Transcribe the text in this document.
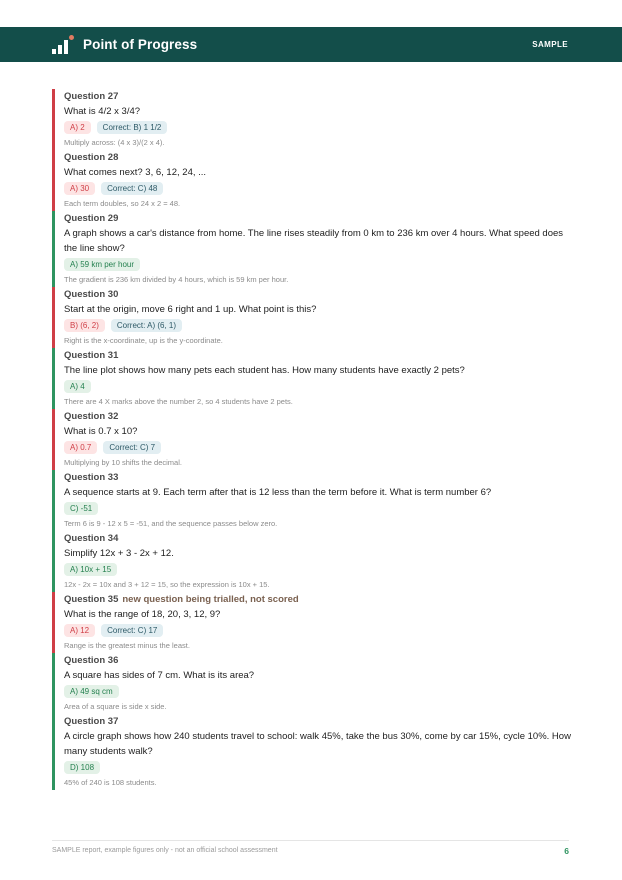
Point of Progress	SAMPLE
Question 27
What is 4/2 x 3/4?
A) 2	Correct: B) 1 1/2
Multiply across: (4 x 3)/(2 x 4).
Question 28
What comes next? 3, 6, 12, 24, ...
A) 30	Correct: C) 48
Each term doubles, so 24 x 2 = 48.
Question 29
A graph shows a car's distance from home. The line rises steadily from 0 km to 236 km over 4 hours. What speed does the line show?
A) 59 km per hour
The gradient is 236 km divided by 4 hours, which is 59 km per hour.
Question 30
Start at the origin, move 6 right and 1 up. What point is this?
B) (6, 2)	Correct: A) (6, 1)
Right is the x-coordinate, up is the y-coordinate.
Question 31
The line plot shows how many pets each student has. How many students have exactly 2 pets?
A) 4
There are 4 X marks above the number 2, so 4 students have 2 pets.
Question 32
What is 0.7 x 10?
A) 0.7	Correct: C) 7
Multiplying by 10 shifts the decimal.
Question 33
A sequence starts at 9. Each term after that is 12 less than the term before it. What is term number 6?
C) -51
Term 6 is 9 - 12 x 5 = -51, and the sequence passes below zero.
Question 34
Simplify 12x + 3 - 2x + 12.
A) 10x + 15
12x - 2x = 10x and 3 + 12 = 15, so the expression is 10x + 15.
Question 35 new question being trialled, not scored
What is the range of 18, 20, 3, 12, 9?
A) 12	Correct: C) 17
Range is the greatest minus the least.
Question 36
A square has sides of 7 cm. What is its area?
A) 49 sq cm
Area of a square is side x side.
Question 37
A circle graph shows how 240 students travel to school: walk 45%, take the bus 30%, come by car 15%, cycle 10%. How many students walk?
D) 108
45% of 240 is 108 students.
SAMPLE report, example figures only - not an official school assessment	6
